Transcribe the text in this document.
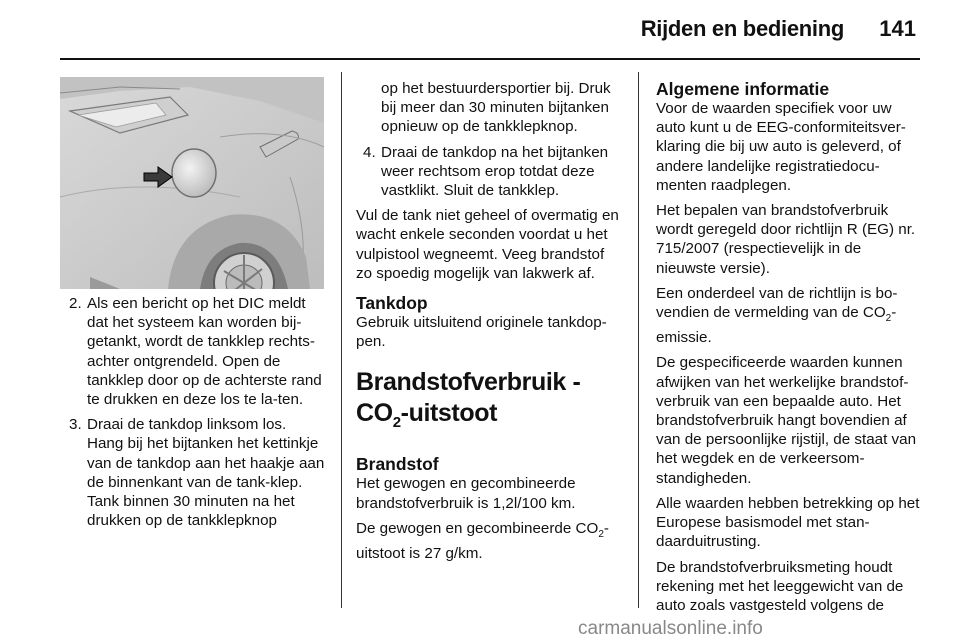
Rijden en bediening 141
2. Als een bericht op het DIC meldt dat het systeem kan worden bij-getankt, wordt de tankklep rechts-achter ontgrendeld. Open de tankklep door op de achterste rand te drukken en deze los te la-ten.
3. Draai de tankdop linksom los. Hang bij het bijtanken het kettinkje van de tankdop aan het haakje aan de binnenkant van de tank-klep. Tank binnen 30 minuten na het drukken op de tankklepknop
op het bestuurdersportier bij. Druk bij meer dan 30 minuten bijtanken opnieuw op de tankklepknop.
4. Draai de tankdop na het bijtanken weer rechtsom erop totdat deze vastklikt. Sluit de tankklep.

Vul de tank niet geheel of overmatig en wacht enkele seconden voordat u het vulpistool wegneemt. Veeg brandstof zo spoedig mogelijk van lakwerk af.

Tankdop

Gebruik uitsluitend originele tankdop-pen.

Brandstofverbruik -
$CO_2$-uitstoot
Brandstof

Het gewogen en gecombineerde brandstofverbruik is 1,2l/100 km.

De gewogen en gecombineerde $CO_2$-uitstoot is 27 g/km.

Algemene informatie

Voor de waarden specifiek voor uw auto kunt u de EEG-conformiteitsver-klaring die bij uw auto is geleverd, of andere landelijke registratiedocu-menten raadplegen.

Het bepalen van brandstofverbruik wordt geregeld door richtlijn R (EG) nr. 715/2007 (respectievelijk in de nieuwste versie).

Een onderdeel van de richtlijn is bo-vendien de vermelding van de $CO_2$-emissie.

De gespecificeerde waarden kunnen afwijken van het werkelijke brandstof-verbruik van een bepaalde auto. Het brandstofverbruik hangt bovendien af van de persoonlijke rijstijl, de staat van het wegdek en de verkeersom-standigheden.

Alle waarden hebben betrekking op het Europese basismodel met stan-daarduitrusting.

De brandstofverbruiksmeting houdt rekening met het leeggewicht van de auto zoals vastgesteld volgens de

carmanualsonline.info
